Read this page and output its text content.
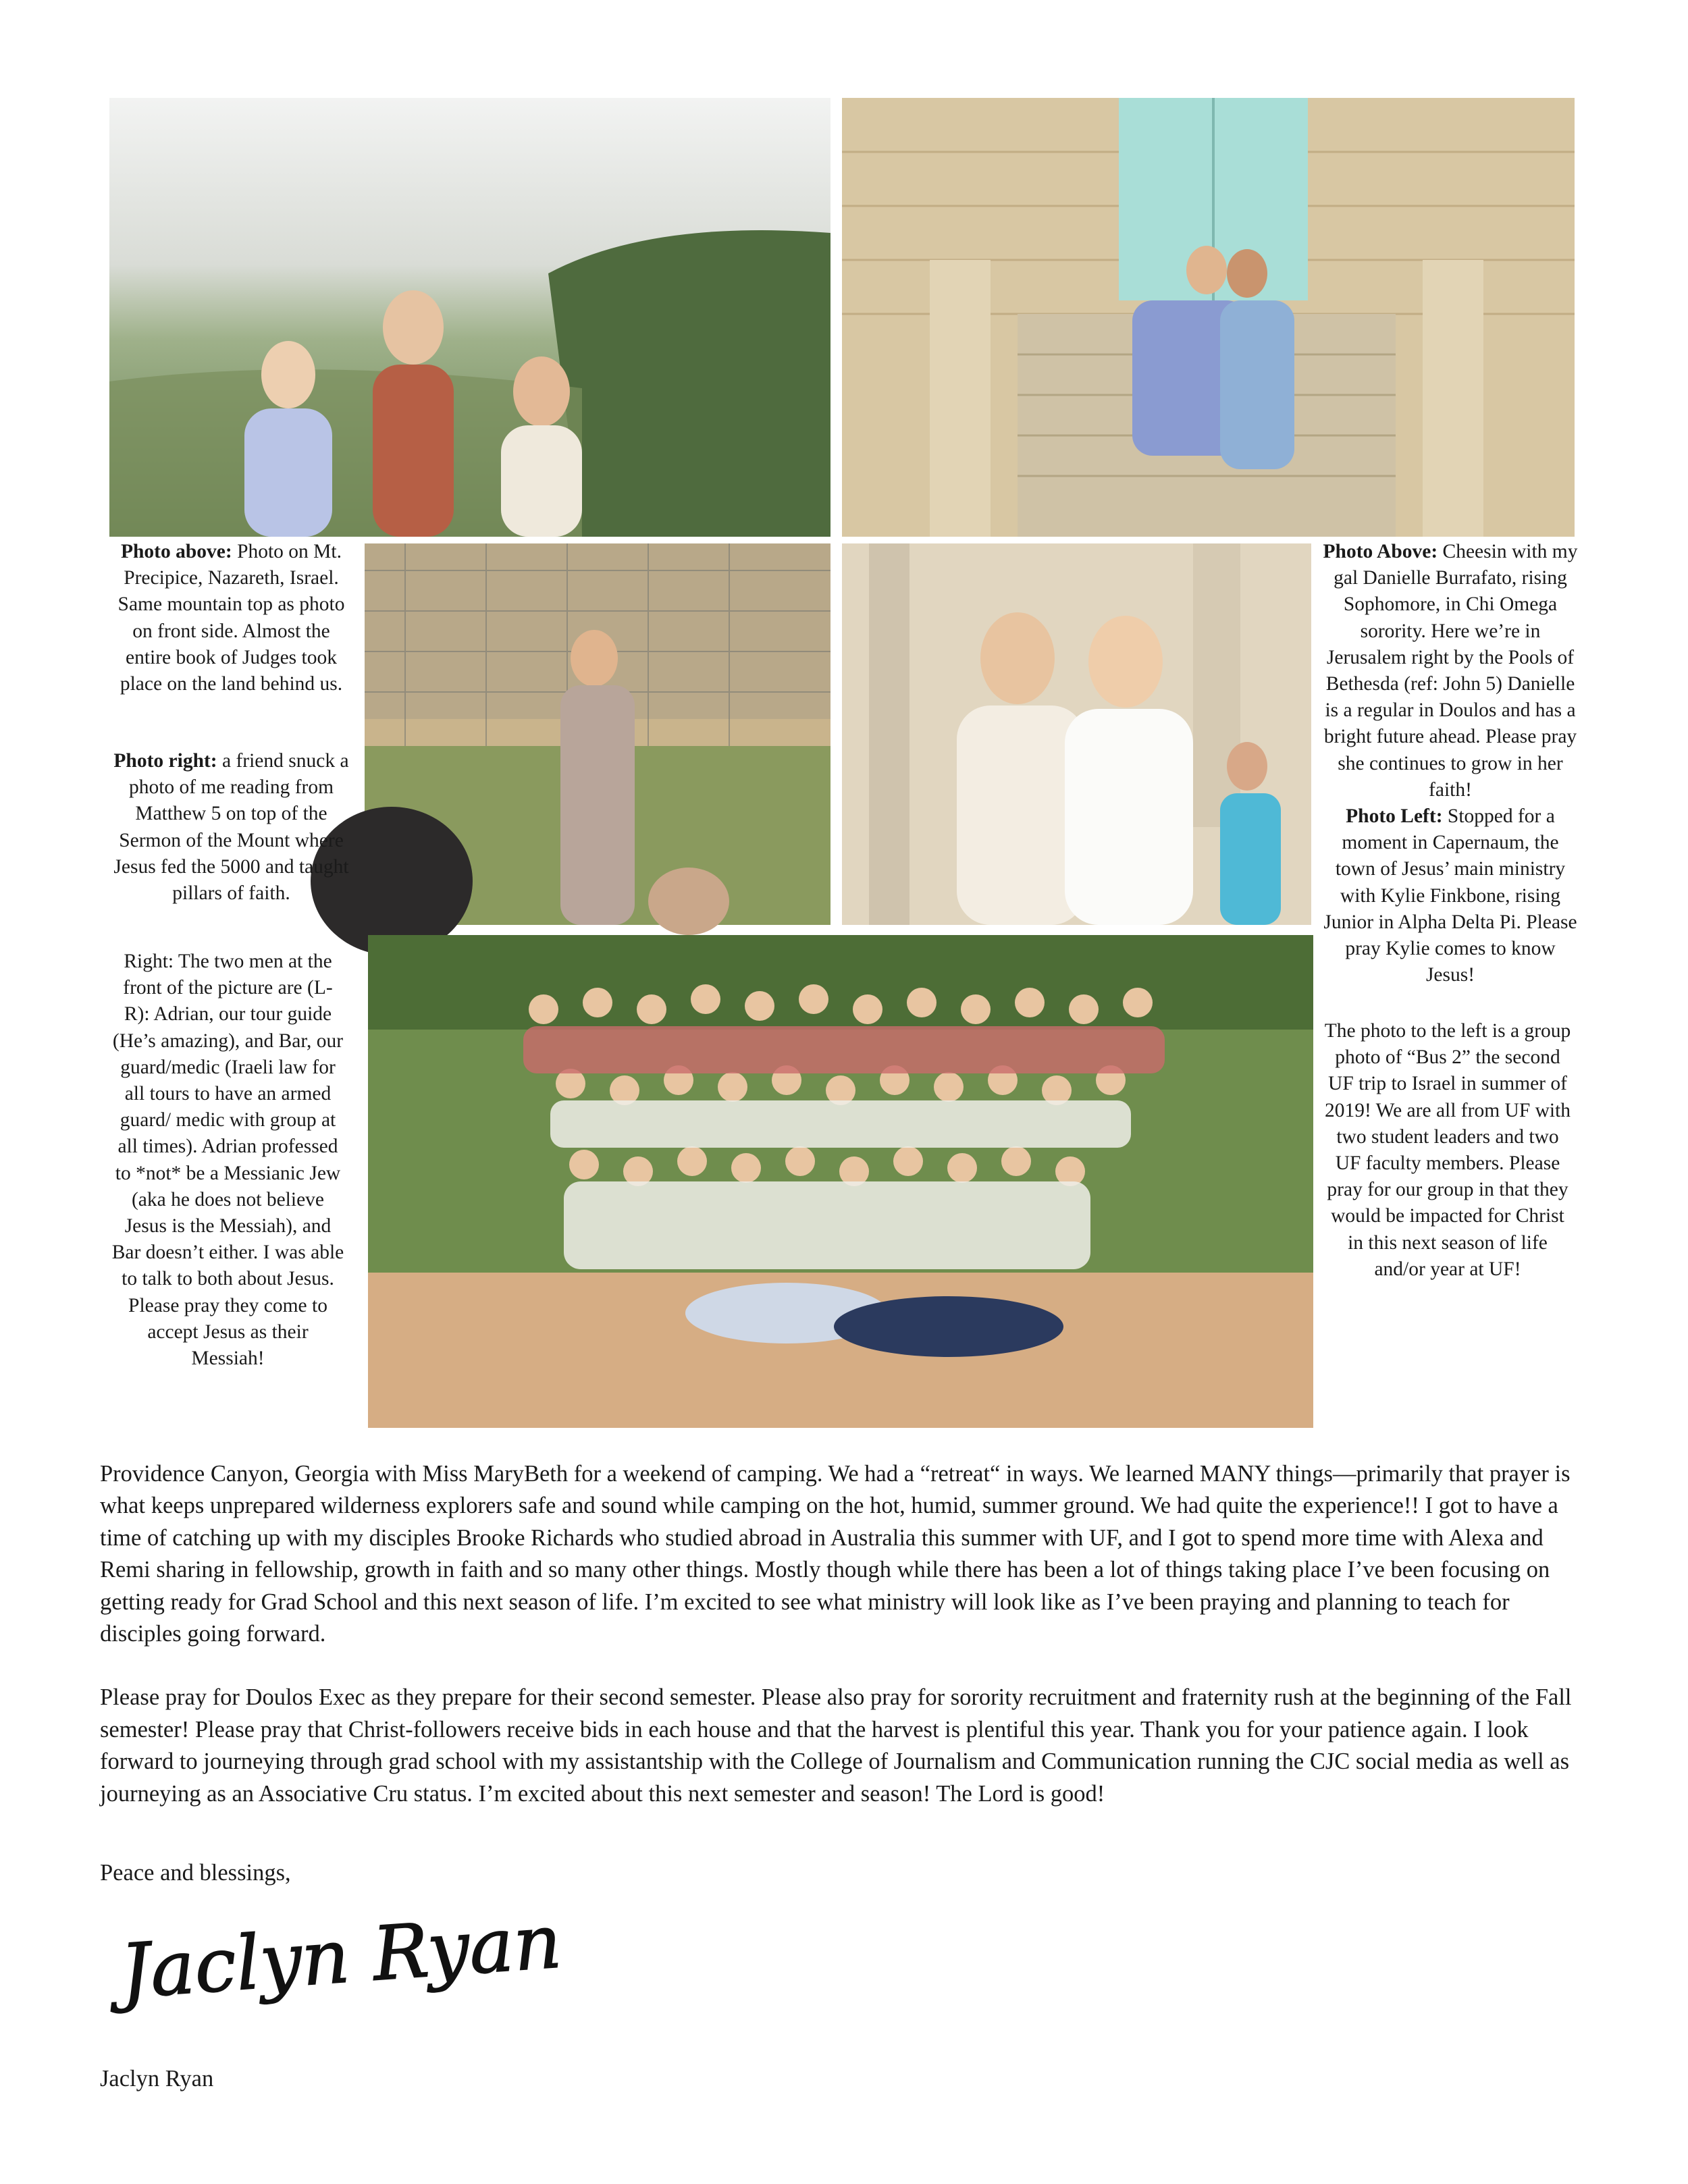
Photo above: Photo on Mt. Precipice, Nazareth, Israel. Same mountain top as photo on front side. Almost the entire book of Judges took place on the land behind us.

Photo right: a friend snuck a photo of me reading from Matthew 5 on top of the Sermon of the Mount where Jesus fed the 5000 and taught pillars of faith.

Right: The two men at the front of the picture are (L-R): Adrian, our tour guide (He’s amazing), and Bar, our guard/medic (Iraeli law for all tours to have an armed guard/ medic with group at all times). Adrian professed to *not* be a Messianic Jew (aka he does not believe Jesus is the Messiah), and Bar doesn’t either. I was able to talk to both about Jesus. Please pray they come to accept Jesus as their Messiah!

Photo Above: Cheesin with my gal Danielle Burrafato, rising Sophomore, in Chi Omega sorority. Here we’re in Jerusalem right by the Pools of Bethesda (ref: John 5) Danielle is a regular in Doulos and has a bright future ahead. Please pray she continues to grow in her faith!

Photo Left: Stopped for a moment in Capernaum, the town of Jesus’ main ministry with Kylie Finkbone, rising Junior in Alpha Delta Pi. Please pray Kylie comes to know Jesus!

The photo to the left is a group photo of “Bus 2” the second UF trip to Israel in summer of 2019! We are all from UF with two student leaders and two UF faculty members. Please pray for our group in that they would be impacted for Christ in this next season of life and/or year at UF!

Providence Canyon, Georgia with Miss MaryBeth for a weekend of camping. We had a “retreat“ in ways. We learned MANY things—primarily that prayer is what keeps unprepared wilderness explorers safe and sound while camping on the hot, humid, summer ground. We had quite the experience!! I got to have a time of catching up with my disciples Brooke Richards who studied abroad in Australia this summer with UF, and I got to spend more time with Alexa and Remi sharing in fellowship, growth in faith and so many other things. Mostly though while there has been a lot of things taking place I’ve been focusing on getting ready for Grad School and this next season of life. I’m excited to see what ministry will look like as I’ve been praying and planning to teach for disciples going forward.

Please pray for Doulos Exec as they prepare for their second semester. Please also pray for sorority recruitment and fraternity rush at the beginning of the Fall semester! Please pray that Christ-followers receive bids in each house and that the harvest is plentiful this year. Thank you for your patience again. I look forward to journeying through grad school with my assistantship with the College of Journalism and Communication running the CJC social media as well as journeying as an Associative Cru status. I’m excited about this next semester and season! The Lord is good!

Peace and blessings,
Jaclyn Ryan
Jaclyn Ryan
